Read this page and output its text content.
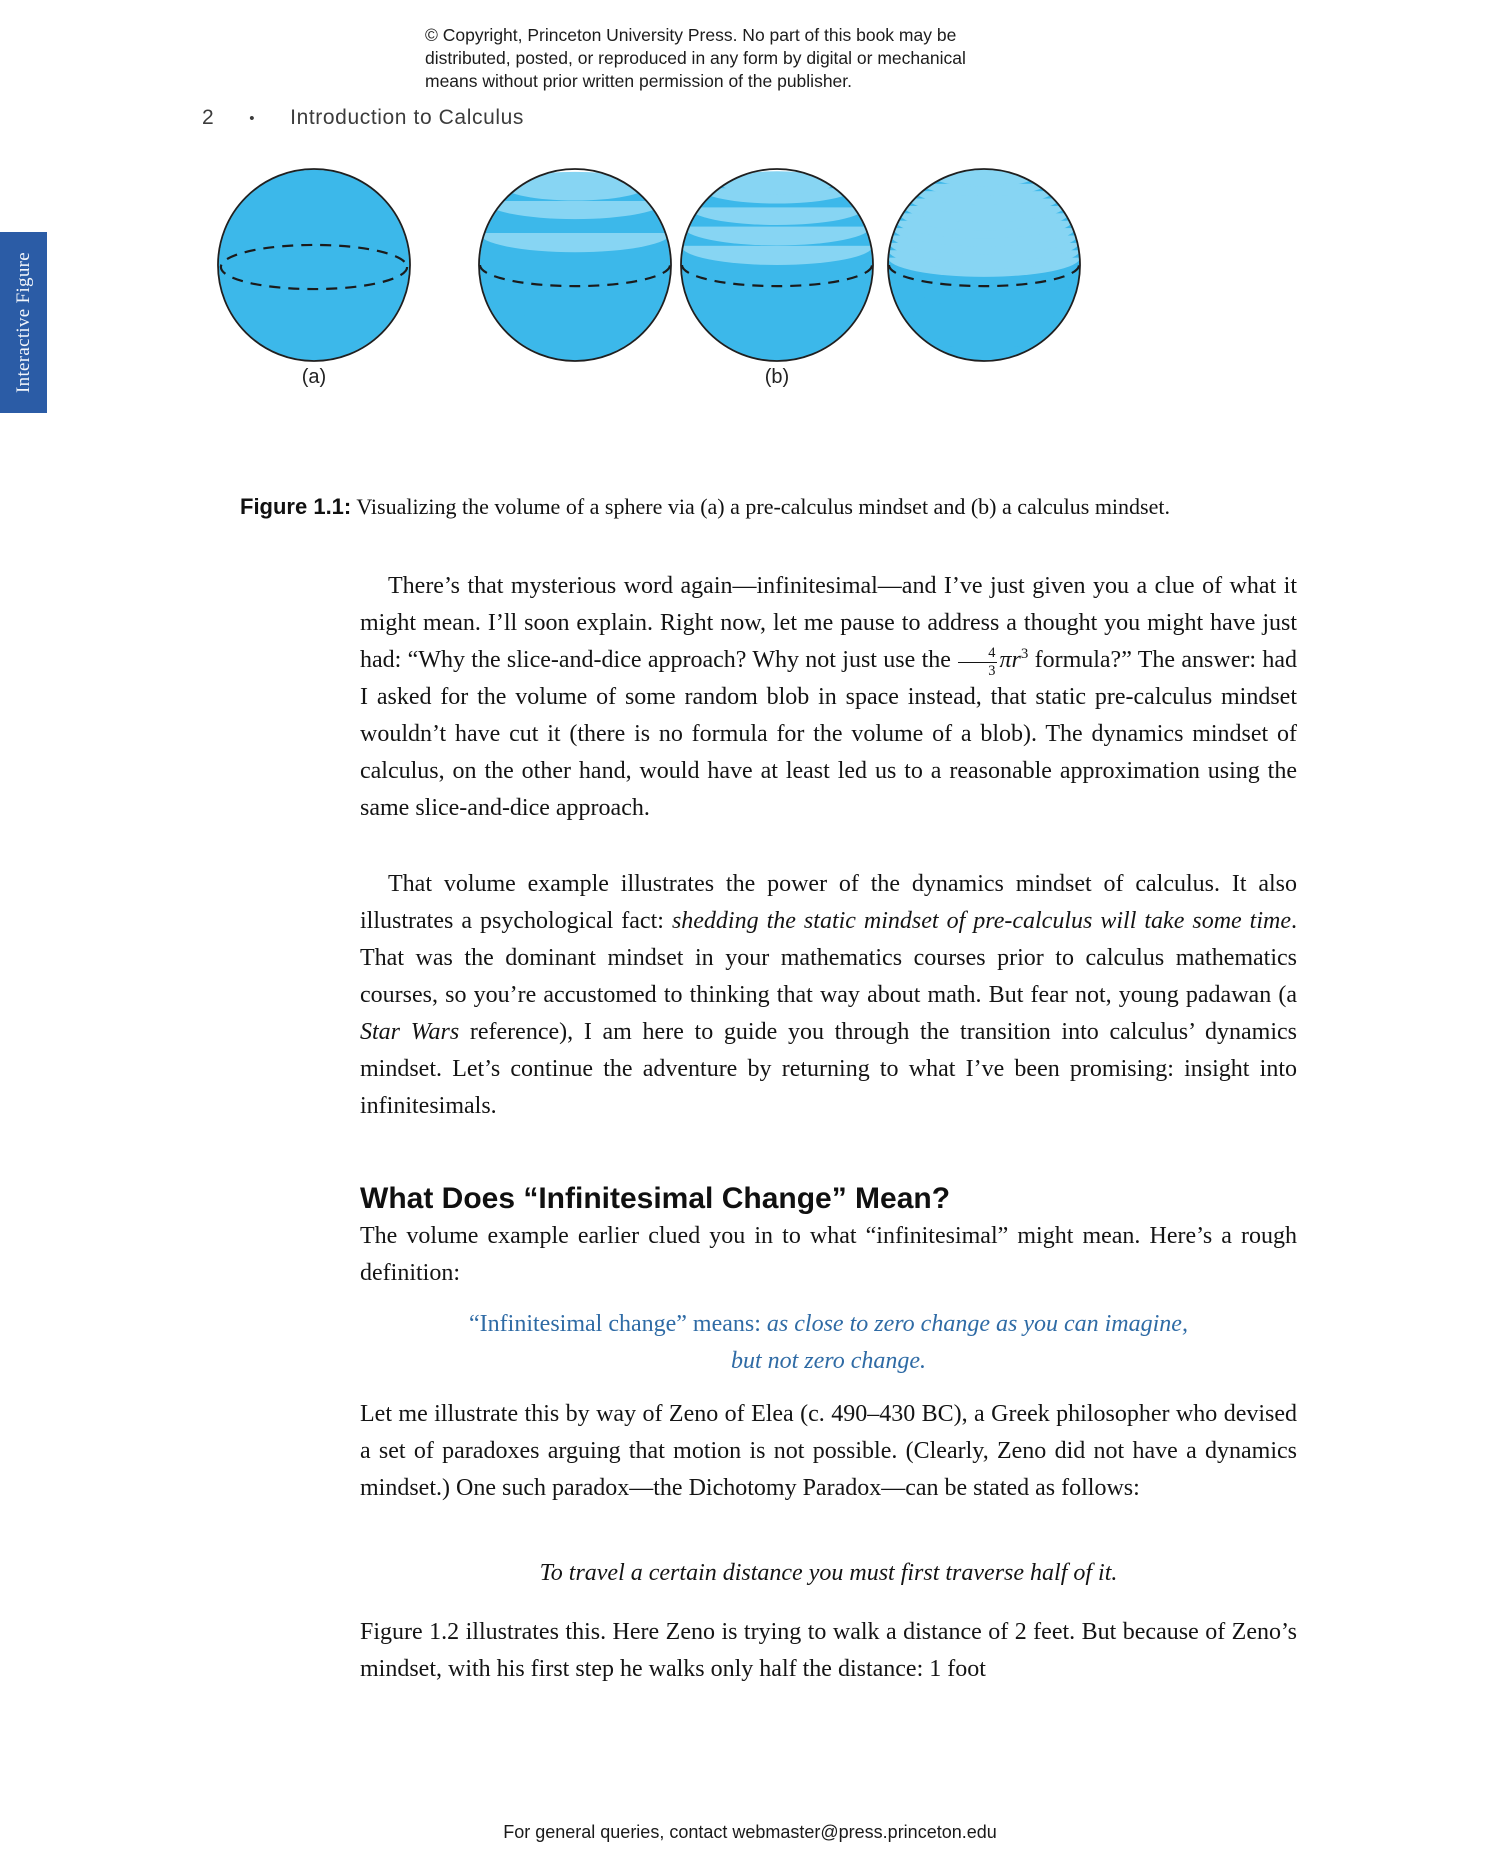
© Copyright, Princeton University Press. No part of this book may be
distributed, posted, or reproduced in any form by digital or mechanical
means without prior written permission of the publisher.
2 • Introduction to Calculus
Interactive Figure	(a)	(b)
Figure 1.1: Visualizing the volume of a sphere via (a) a pre-calculus mindset and (b) a calculus mindset.
There’s that mysterious word again—infinitesimal—and I’ve just given you a clue of what it might mean. I’ll soon explain. Right now, let me pause to address a thought you might have just had: “Why the slice-and-dice approach? Why not just use the $\frac{4}{3} \pi r^3$ formula?” The answer: had I asked for the volume of some random blob in space instead, that static pre-calculus mindset wouldn’t have cut it (there is no formula for the volume of a blob). The dynamics mindset of calculus, on the other hand, would have at least led us to a reasonable approximation using the same slice-and-dice approach.
That volume example illustrates the power of the dynamics mindset of calculus. It also illustrates a psychological fact: shedding the static mindset of pre-calculus will take some time. That was the dominant mindset in your mathematics courses prior to calculus mathematics courses, so you’re accustomed to thinking that way about math. But fear not, young padawan (a Star Wars reference), I am here to guide you through the transition into calculus’ dynamics mindset. Let’s continue the adventure by returning to what I’ve been promising: insight into infinitesimals.
What Does “Infinitesimal Change” Mean?
The volume example earlier clued you in to what “infinitesimal” might mean. Here’s a rough definition:
“Infinitesimal change” means: as close to zero change as you can imagine,
but not zero change.
Let me illustrate this by way of Zeno of Elea (c. 490–430 BC), a Greek philosopher who devised a set of paradoxes arguing that motion is not possible. (Clearly, Zeno did not have a dynamics mindset.) One such paradox—the Dichotomy Paradox—can be stated as follows:
To travel a certain distance you must first traverse half of it.
Figure 1.2 illustrates this. Here Zeno is trying to walk a distance of 2 feet. But because of Zeno’s mindset, with his first step he walks only half the distance: 1 foot
For general queries, contact webmaster@press.princeton.edu
